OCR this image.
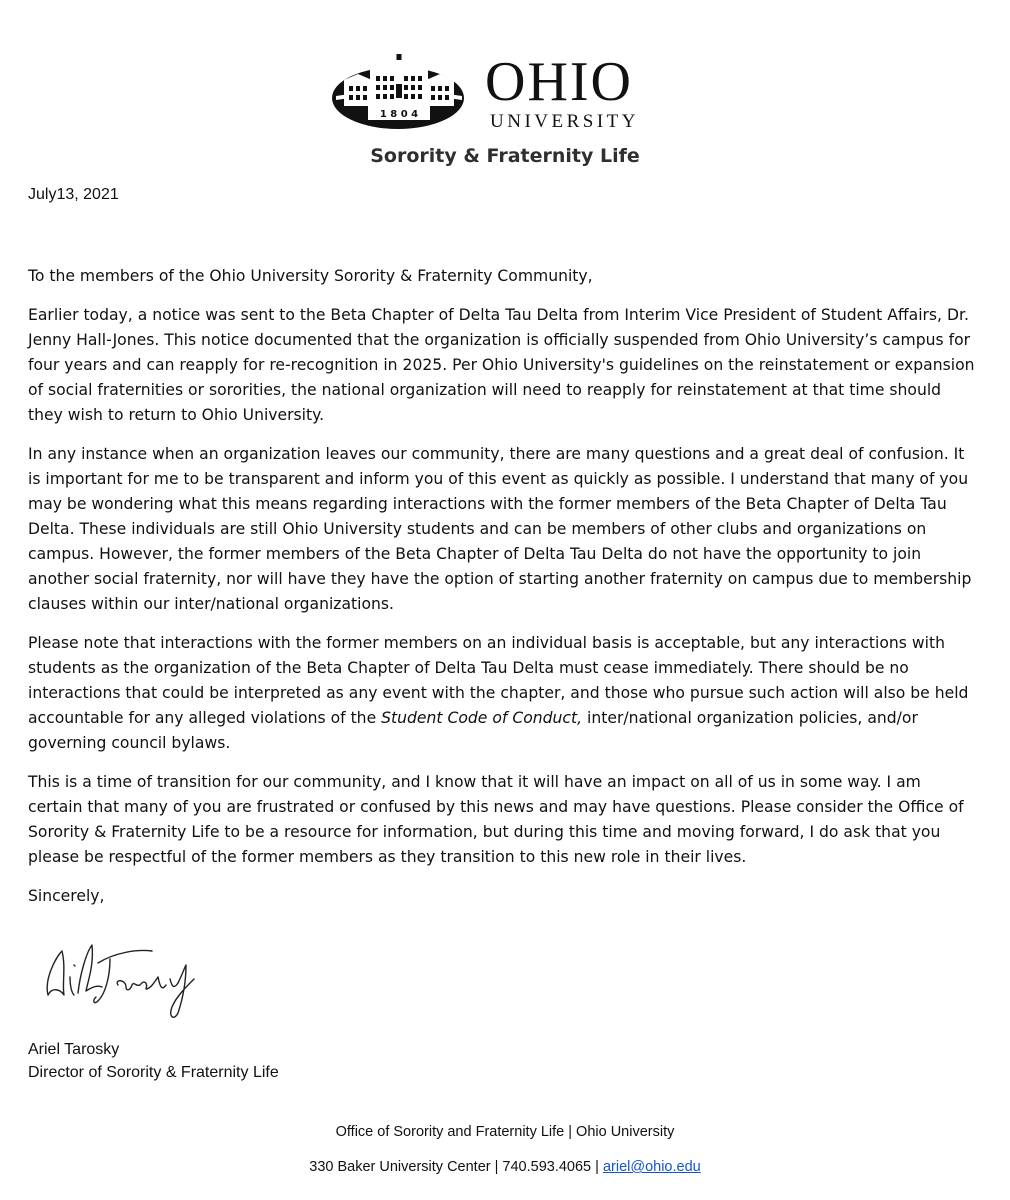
1 8 0 4
OHIO
UNIVERSITY
Sorority & Fraternity Life
July13, 2021

To the members of the Ohio University Sorority & Fraternity Community,

Earlier today, a notice was sent to the Beta Chapter of Delta Tau Delta from Interim Vice President of Student Affairs, Dr. Jenny Hall-Jones. This notice documented that the organization is officially suspended from Ohio University’s campus for four years and can reapply for re-recognition in 2025. Per Ohio University's guidelines on the reinstatement or expansion of social fraternities or sororities, the national organization will need to reapply for reinstatement at that time should they wish to return to Ohio University.

In any instance when an organization leaves our community, there are many questions and a great deal of confusion. It is important for me to be transparent and inform you of this event as quickly as possible. I understand that many of you may be wondering what this means regarding interactions with the former members of the Beta Chapter of Delta Tau Delta. These individuals are still Ohio University students and can be members of other clubs and organizations on campus. However, the former members of the Beta Chapter of Delta Tau Delta do not have the opportunity to join another social fraternity, nor will have they have the option of starting another fraternity on campus due to membership clauses within our inter/national organizations.

Please note that interactions with the former members on an individual basis is acceptable, but any interactions with students as the organization of the Beta Chapter of Delta Tau Delta must cease immediately. There should be no interactions that could be interpreted as any event with the chapter, and those who pursue such action will also be held accountable for any alleged violations of the Student Code of Conduct, inter/national organization policies, and/or governing council bylaws.

This is a time of transition for our community, and I know that it will have an impact on all of us in some way. I am certain that many of you are frustrated or confused by this news and may have questions. Please consider the Office of Sorority & Fraternity Life to be a resource for information, but during this time and moving forward, I do ask that you please be respectful of the former members as they transition to this new role in their lives.

Sincerely,

Ariel Tarosky
Ariel Tarosky
Director of Sorority & Fraternity Life
Office of Sorority and Fraternity Life | Ohio University
330 Baker University Center | 740.593.4065 | ariel@ohio.edu
